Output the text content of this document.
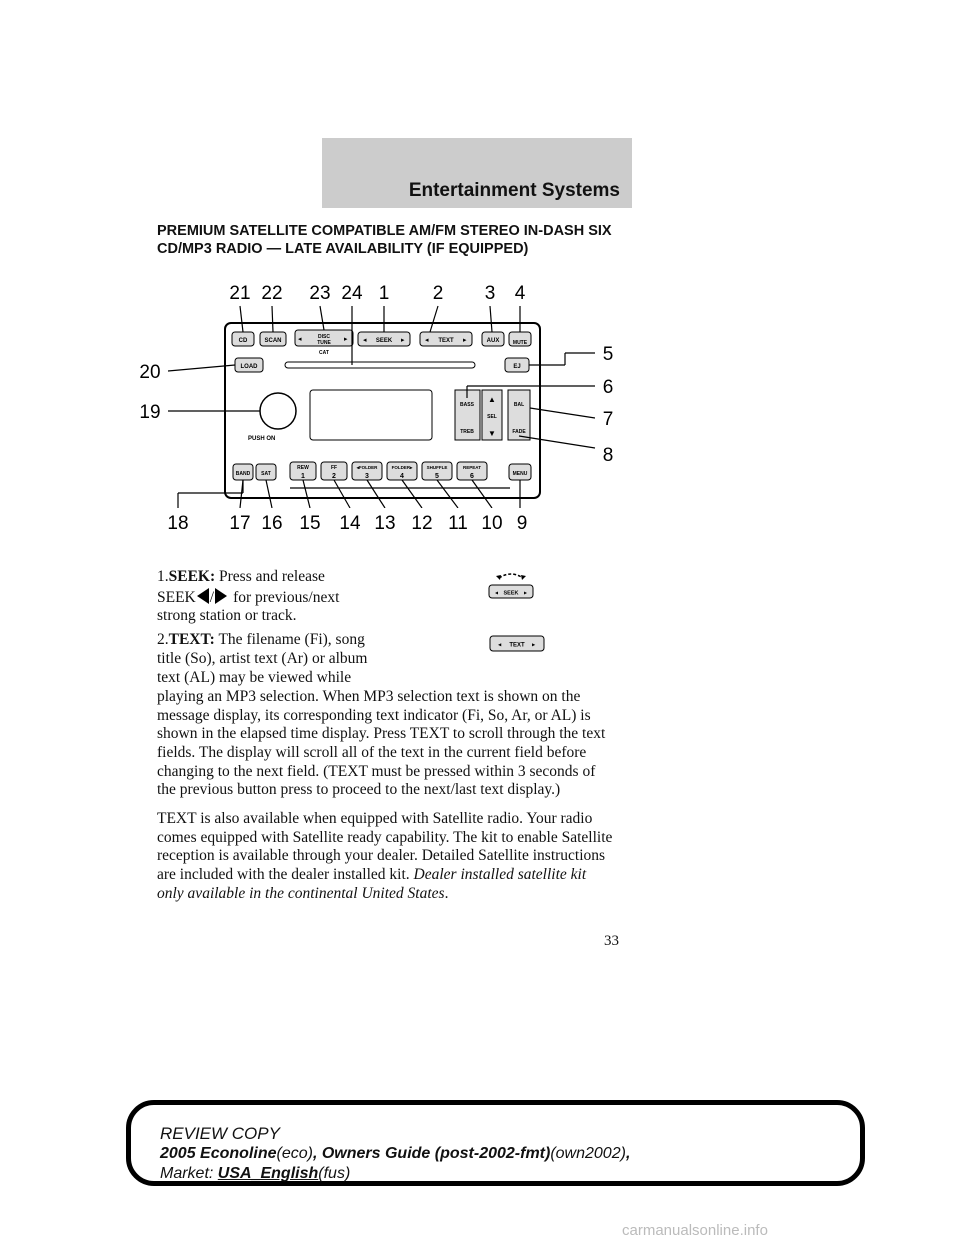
Entertainment Systems
PREMIUM SATELLITE COMPATIBLE AM/FM STEREO IN-DASH SIX
CD/MP3 RADIO — LATE AVAILABILITY (IF EQUIPPED)
CD	SCAN ◂	▸
DISC
TUNE
CAT
◂	▸
SEEK	◂	▸
TEXT	AUX	MUTE
LOAD	EJ
PUSH ON
BASS
TREB
▲
SEL
▼
BAL
FADE
BAND SAT
REW
1
FF
2
◂FOLDER
3
FOLDER▸
4
SHUFFLE
5
REPEAT
6	MENU
21 22 23 24 1 2 3 4
5
6
7
8
20
19
18 17 16 15 14 13 12 11 10 9
1.SEEK: Press and release
SEEK / for previous/next
strong station or track.
◂	▸
SEEK
2.TEXT: The filename (Fi), song
title (So), artist text (Ar) or album
text (AL) may be viewed while
playing an MP3 selection. When MP3 selection text is shown on the
message display, its corresponding text indicator (Fi, So, Ar, or AL) is
shown in the elapsed time display. Press TEXT to scroll through the text
fields. The display will scroll all of the text in the current field before
changing to the next field. (TEXT must be pressed within 3 seconds of
the previous button press to proceed to the next/last text display.)
◂	▸
TEXT
TEXT is also available when equipped with Satellite radio. Your radio
comes equipped with Satellite ready capability. The kit to enable Satellite
reception is available through your dealer. Detailed Satellite instructions
are included with the dealer installed kit. Dealer installed satellite kit
only available in the continental United States.
33
REVIEW COPY
2005 Econoline(eco), Owners Guide (post-2002-fmt)(own2002),
Market: USA_English(fus)
carmanualsonline.info
